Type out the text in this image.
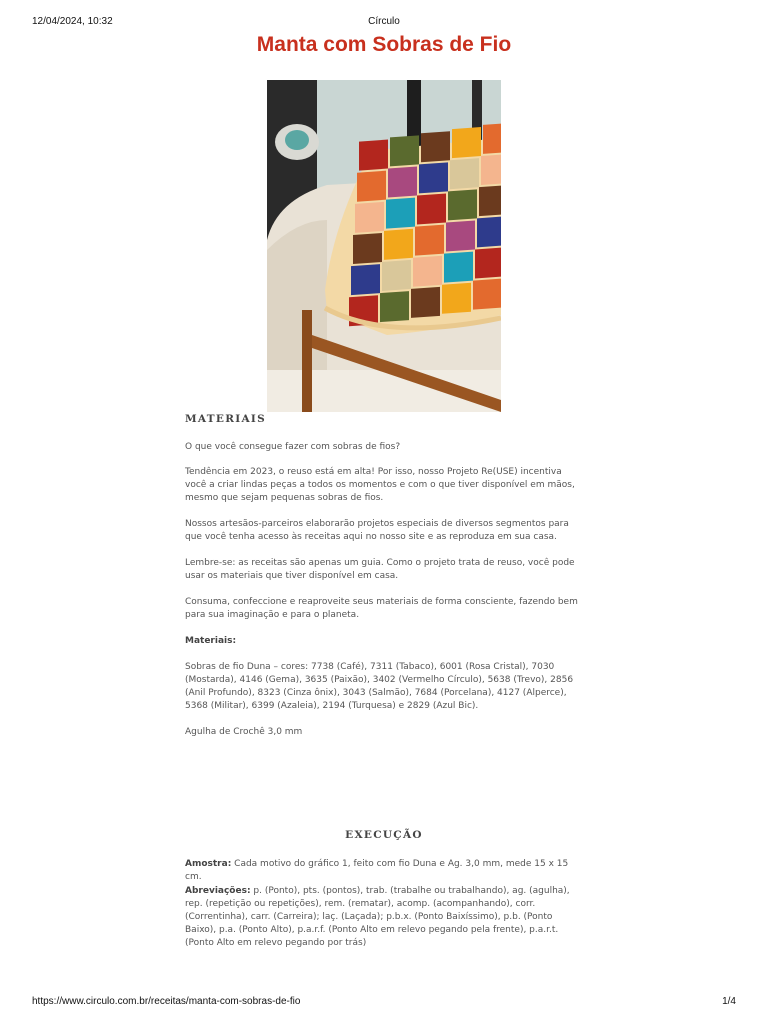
12/04/2024, 10:32	Círculo
Manta com Sobras de Fio
MATERIAIS

O que você consegue fazer com sobras de fios?

Tendência em 2023, o reuso está em alta! Por isso, nosso Projeto Re(USE) incentiva você a criar lindas peças a todos os momentos e com o que tiver disponível em mãos, mesmo que sejam pequenas sobras de fios.

Nossos artesãos-parceiros elaborarão projetos especiais de diversos segmentos para que você tenha acesso às receitas aqui no nosso site e as reproduza em sua casa.

Lembre-se: as receitas são apenas um guia. Como o projeto trata de reuso, você pode usar os materiais que tiver disponível em casa.

Consuma, confeccione e reaproveite seus materiais de forma consciente, fazendo bem para sua imaginação e para o planeta.

Materiais:

Sobras de fio Duna – cores: 7738 (Café), 7311 (Tabaco), 6001 (Rosa Cristal), 7030 (Mostarda), 4146 (Gema), 3635 (Paixão), 3402 (Vermelho Círculo), 5638 (Trevo), 2856 (Anil Profundo), 8323 (Cinza ônix), 3043 (Salmão), 7684 (Porcelana), 4127 (Alperce), 5368 (Militar), 6399 (Azaleia), 2194 (Turquesa) e 2829 (Azul Bic).

Agulha de Crochê 3,0 mm

EXECUÇÃO

Amostra: Cada motivo do gráfico 1, feito com fio Duna e Ag. 3,0 mm, mede 15 x 15 cm.

Abreviações: p. (Ponto), pts. (pontos), trab. (trabalhe ou trabalhando), ag. (agulha), rep. (repetição ou repetições), rem. (rematar), acomp. (acompanhando), corr. (Correntinha), carr. (Carreira); laç. (Laçada); p.b.x. (Ponto Baixíssimo), p.b. (Ponto Baixo), p.a. (Ponto Alto), p.a.r.f. (Ponto Alto em relevo pegando pela frente), p.a.r.t. (Ponto Alto em relevo pegando por trás)

https://www.circulo.com.br/receitas/manta-com-sobras-de-fio	1/4
